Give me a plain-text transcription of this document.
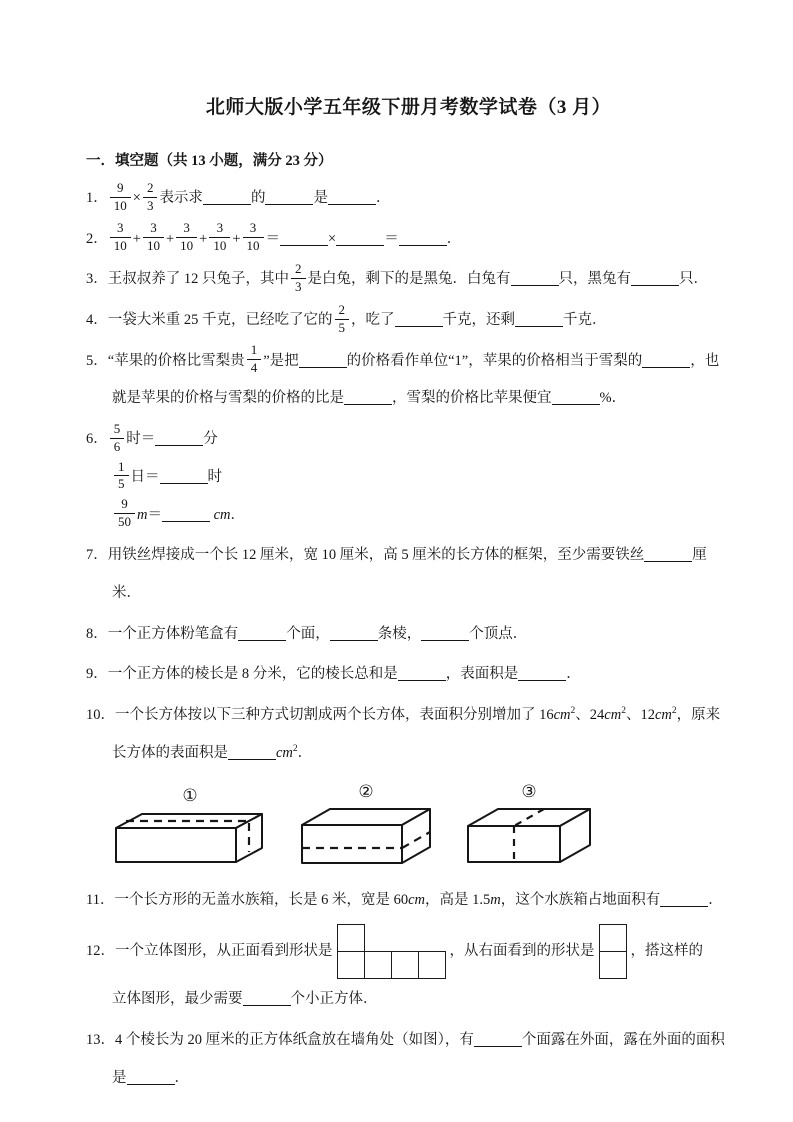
北师大版小学五年级下册月考数学试卷（3 月）
一．填空题（共 13 小题，满分 23 分）
1． $\frac{9}{10} \times \frac{2}{3}$ 表示求	的	是	．
2． $\frac{3}{10} + \frac{3}{10} + \frac{3}{10} + \frac{3}{10} + \frac{3}{10}$ ＝	×	＝	．
3．王叔叔养了 12 只兔子，其中 $\frac{2}{3}$ 是白兔，剩下的是黑兔．白兔有	只，黑兔有	只．
4．一袋大米重 25 千克，已经吃了它的 $\frac{2}{5}$ ，吃了	千克，还剩	千克．
5．“苹果的价格比雪梨贵 $\frac{1}{4}$ ”是把	的价格看作单位“1”，苹果的价格相当于雪梨的	，也就是苹果的价格与雪梨的价格的比是	，雪梨的价格比苹果便宜	%．
6． $\frac{5}{6}$ 时＝	分

$\frac{1}{5}$ 日＝	时

$\frac{9}{50} m=$	cm．
7．用铁丝焊接成一个长 12 厘米，宽 10 厘米，高 5 厘米的长方体的框架，至少需要铁丝	厘米．
8．一个正方体粉笔盒有	个面，	条棱，	个顶点．
9．一个正方体的棱长是 8 分米，它的棱长总和是	，表面积是	．
10．一个长方体按以下三种方式切割成两个长方体，表面积分别增加了 $16cm^2$、$24cm^2$、$12cm^2$，原来长方体的表面积是	$cm^2$．
①	②	③
11．一个长方形的无盖水族箱，长是 6 米，宽是 60cm，高是 1.5m，这个水族箱占地面积有	．
12．一个立体图形，从正面看到形状是	，从右面看到的形状是 ，搭这样的
立体图形，最少需要	个小正方体．
13．4 个棱长为 20 厘米的正方体纸盒放在墙角处（如图），有	个面露在外面，露在外面的面积是	．
